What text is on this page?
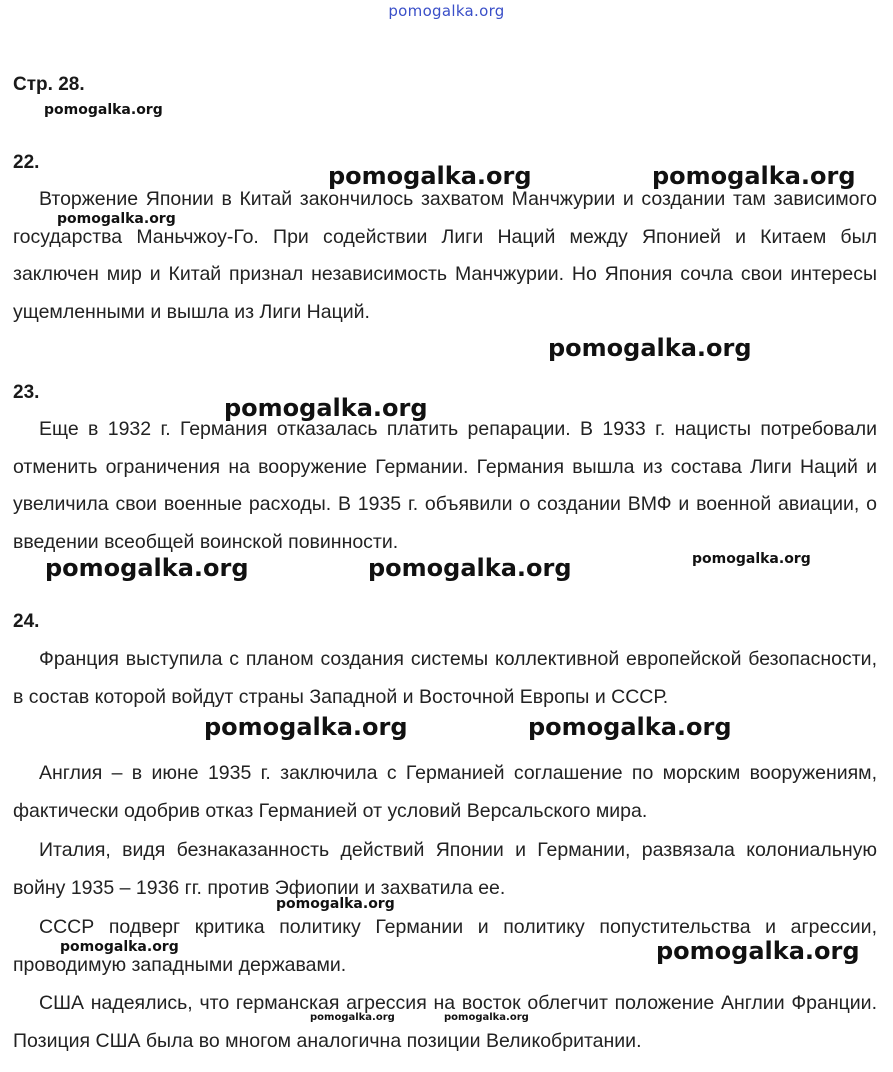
pomogalka.org
Стр. 28.
22.
Вторжение Японии в Китай закончилось захватом Манчжурии и создании там зависимого государства Маньчжоу-Го. При содействии Лиги Наций между Японией и Китаем был заключен мир и Китай признал независимость Манчжурии. Но Япония сочла свои интересы ущемленными и вышла из Лиги Наций.
23.
Еще в 1932 г. Германия отказалась платить репарации. В 1933 г. нацисты потребовали отменить ограничения на вооружение Германии. Германия вышла из состава Лиги Наций и увеличила свои военные расходы. В 1935 г. объявили о создании ВМФ и военной авиации, о введении всеобщей воинской повинности.
24.
Франция выступила с планом создания системы коллективной европейской безопасности, в состав которой войдут страны Западной и Восточной Европы и СССР.
Англия – в июне 1935 г. заключила с Германией соглашение по морским вооружениям, фактически одобрив отказ Германией от условий Версальского мира.
Италия, видя безнаказанность действий Японии и Германии, развязала колониальную войну 1935 – 1936 гг. против Эфиопии и захватила ее.
СССР подверг критика политику Германии и политику попустительства и агрессии, проводимую западными державами.
США надеялись, что германская агрессия на восток облегчит положение Англии Франции. Позиция США была во многом аналогична позиции Великобритании.
pomogalka.org
pomogalka.org	pomogalka.org
pomogalka.org
pomogalka.org
pomogalka.org
pomogalka.org	pomogalka.org	pomogalka.org
pomogalka.org	pomogalka.org
pomogalka.org
pomogalka.org	pomogalka.org
pomogalka.org	pomogalka.org
